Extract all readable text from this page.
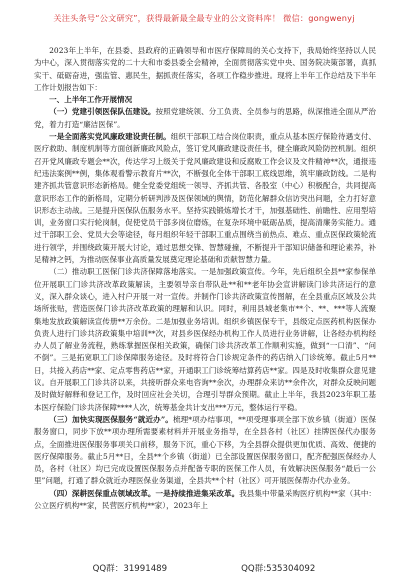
关注头条号“公文研究”，获得最新最全最专业的公文资料库！ 微信：gongwenyj

2023年上半年，在县委、县政府的正确领导和市医疗保障局的关心支持下，我局始终坚持以人民为中心，深入贯彻落实党的二十大和市委县委全会精神，全面贯彻落实党中央、国务院决策部署，真抓实干、砥砺奋进，强监管、惠民生，据抓责任落实，各项工作稳步推进。现将上半年工作总结及下半年工作计划报告如下：

一、上半年工作开展情况

（一）党建引领医保队伍建设。按照党建统领、分工负责、全员参与的思路，纵深推进全面从严治党，着力打造“廉洁医保”。

一是全面落实党风廉政建设责任制。组织干部职工结合岗位职责，重点从基本医疗保险待遇支付、医疗救助、制度机制等方面创新廉政风险点，签订党风廉政建设责任书，健全廉政风险防控机制。组织召开党风廉政专题会**次，传达学习上级关于党风廉政建设和反腐败工作会议及文件精神**次，通报违纪违法案例**例，集体观看警示教育片**次，不断强化全体干部职工底线思维，筑牢廉政防线。二是构建齐抓共管意识形态新格局。健全党委党组统一领导、齐抓共管、各股室（中心）积极配合，共同提高意识形态工作的新格局，定期分析研判涉及医保领域的舆情，防范化解群众信访突出问题，全力打好意识形态主动战。三是提升医保队伍服务水平。坚持实践锻炼增长才干，加强基础性、前瞻性、应用型培训，业务窗口实行轮岗制，促使党员干部多岗位磨炼，在复杂环境中砥砺品质，提高清廉务实能力。通过干部职工会、党员大会等途径，每月组织年轻干部职工重点围绕当前热点、难点、重点医保政策轮流进行领学，并围绕政策开展大讨论，通过思想交锋、智慧碰撞，不断提升干部知识储备和理论素养，补足精神之钙，为推动医保事业高质量发展奠定理论基础和贡献智慧力量。

（二）推动职工医保门诊共济保障落地落实。一是加强政策宣传。今年，先后组织全县**家参保单位开展职工门诊共济改革政策解读，主要领导亲自带队赴**和**老年协会宣讲解读门诊共济运行的意义，深入群众谈心，进入村户开展一对一宣传。并制作门诊共济政策宣传图解，在全县重点区域及公共场所张贴，营造医保门诊共济改革政策的理解和认识。同时，利用县城老集市**个、**、***等人流聚集地发放政策解读宣传册**万余份。二是加强业务培训。组织乡镇医保专干，县级定点医药机构医保办负责人进行门诊共济政策集中培训**次，对县乡医保经办机构工作人员进行业务讲解，让各经办机构经办人员了解业务流程，熟练掌握医保相关政策，确保门诊共济改革工作顺利实施，做到“一口清”、“问不倒”。三是拓宽职工门诊保障服务途径。及时将符合门诊规定条件的药店纳入门诊统筹。截止5月**日，共接入药店**家、定点零售药店**家，开通职工门诊统筹结算药店**家。四是及时收集群众意见建议。自开展职工门诊共济以来，共接听群众来电咨询**余次，办理群众来访**余件次，对群众反映问题及时做好解释和登记工作，及时回应社会关切，合理引导群众预期。截止上半年，我县2023年职工基本医疗保险门诊共济保障****人次，统筹基金共计支出***万元，整体运行平稳。

（三）加快实现医保服务“就近办”。梳理*项办结事项，**项受理事项全部下放乡镇（街道）医保服务窗口，同步下放**项办理所需要素材料并开展业务指导，在全县各村（社区）挂牌医保代办服务点，全面推进医保服务事项关口前移，服务下沉，重心下移，为全县群众提供更加优质、高效、便捷的医疗保障服务。截止5月**日，全县**个乡镇（街道）已全部设置医保服务窗口，配齐配强医保经办人员，各村（社区）均已完成设置医保服务点并配备专职的医保工作人员，有效解决医保服务“最后一公里”问题，打通了群众就近办理医保业务渠道，全县共**个村（社区）可开展医保帮办代办业务。

（四）深耕医保重点领域改革。一是持续推进集采改革。我县集中带量采购医疗机构**家（其中：公立医疗机构**家，民营医疗机构**家），2023年上

QQ群：31991489	QQ群:535304092
